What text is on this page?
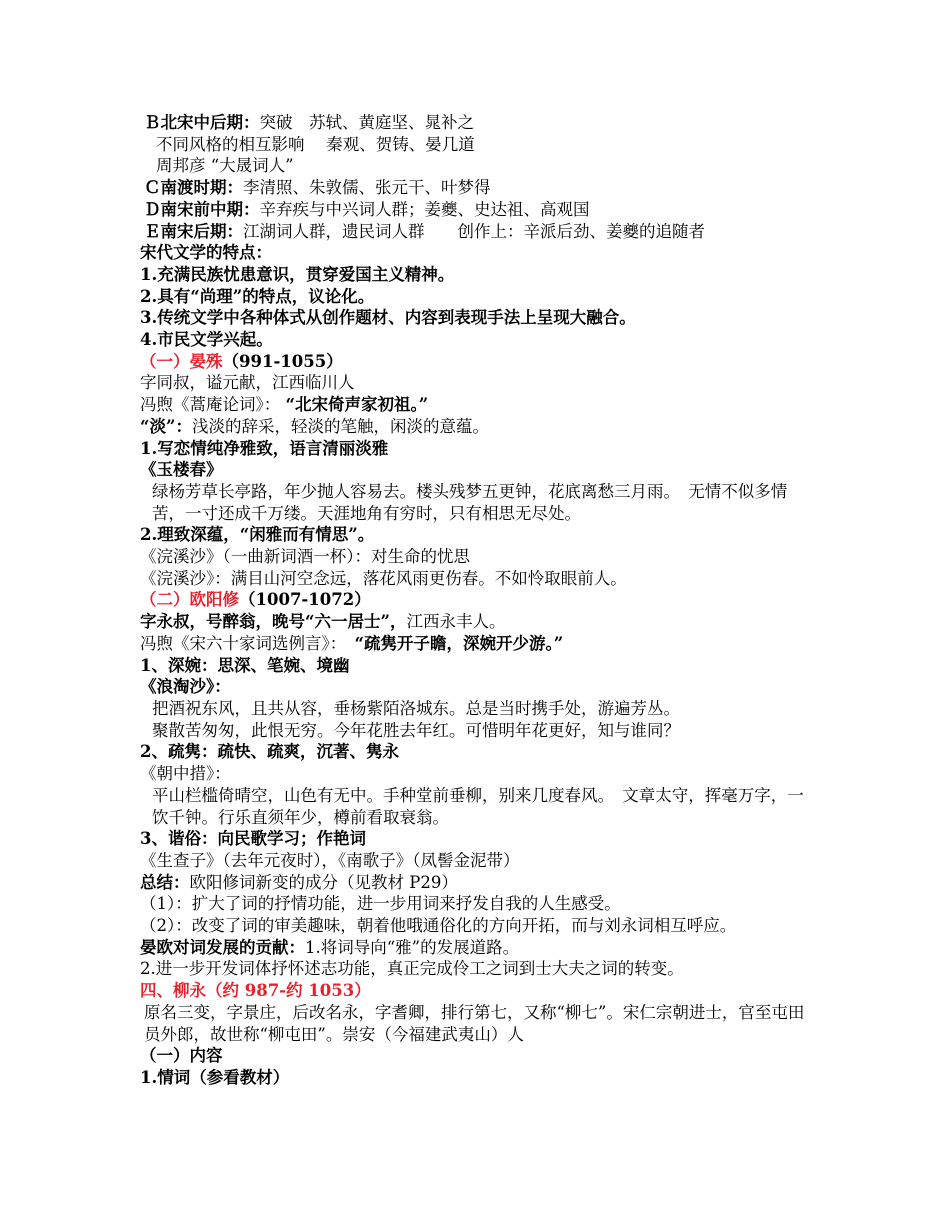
Ｂ北宋中后期：突破　苏轼、黄庭坚、晁补之
不同风格的相互影响　 秦观、贺铸、晏几道
周邦彦 “大晟词人”
Ｃ南渡时期：李清照、朱敦儒、张元干、叶梦得
Ｄ南宋前中期：辛弃疾与中兴词人群；姜夔、史达祖、高观国
Ｅ南宋后期：江湖词人群，遗民词人群　　创作上：辛派后劲、姜夔的追随者
宋代文学的特点：
1.充满民族忧患意识，贯穿爱国主义精神。
2.具有“尚理”的特点，议论化。
3.传统文学中各种体式从创作题材、内容到表现手法上呈现大融合。
4.市民文学兴起。
（一）晏殊（991-1055）
字同叔，谥元献，江西临川人
冯煦《蒿庵论词》： “北宋倚声家初祖。”
“淡”：浅淡的辞采，轻淡的笔触，闲淡的意蕴。
1.写恋情纯净雅致，语言清丽淡雅
《玉楼春》
绿杨芳草长亭路，年少抛人容易去。楼头残梦五更钟，花底离愁三月雨。　无情不似多情苦，一寸还成千万缕。天涯地角有穷时，只有相思无尽处。
2.理致深蕴，“闲雅而有情思”。
《浣溪沙》（一曲新词酒一杯）：对生命的忧思
《浣溪沙》：满目山河空念远，落花风雨更伤春。不如怜取眼前人。
（二）欧阳修（1007-1072）
字永叔，号醉翁，晚号“六一居士”，江西永丰人。
冯煦《宋六十家词选例言》：　“疏隽开子瞻，深婉开少游。”
1、深婉：思深、笔婉、境幽
《浪淘沙》：
把酒祝东风，且共从容，垂杨紫陌洛城东。总是当时携手处，游遍芳丛。
聚散苦匆匆，此恨无穷。今年花胜去年红。可惜明年花更好，知与谁同？
2、疏隽：疏快、疏爽，沉著、隽永
《朝中措》：
平山栏槛倚晴空，山色有无中。手种堂前垂柳，别来几度春风。　文章太守，挥毫万字，一饮千钟。行乐直须年少，樽前看取衰翁。
3、谐俗：向民歌学习；作艳词
《生查子》（去年元夜时），《南歌子》（凤髻金泥带）
总结：欧阳修词新变的成分（见教材 P29）
（1）：扩大了词的抒情功能，进一步用词来抒发自我的人生感受。
（2）：改变了词的审美趣味，朝着他哦通俗化的方向开拓，而与刘永词相互呼应。
晏欧对词发展的贡献：1.将词导向“雅”的发展道路。
2.进一步开发词体抒怀述志功能，真正完成伶工之词到士大夫之词的转变。
四、柳永（约 987-约 1053）
原名三变，字景庄，后改名永，字耆卿，排行第七，又称“柳七”。宋仁宗朝进士，官至屯田员外郎，故世称“柳屯田”。崇安（今福建武夷山）人
（一）内容
1.情词（参看教材）
